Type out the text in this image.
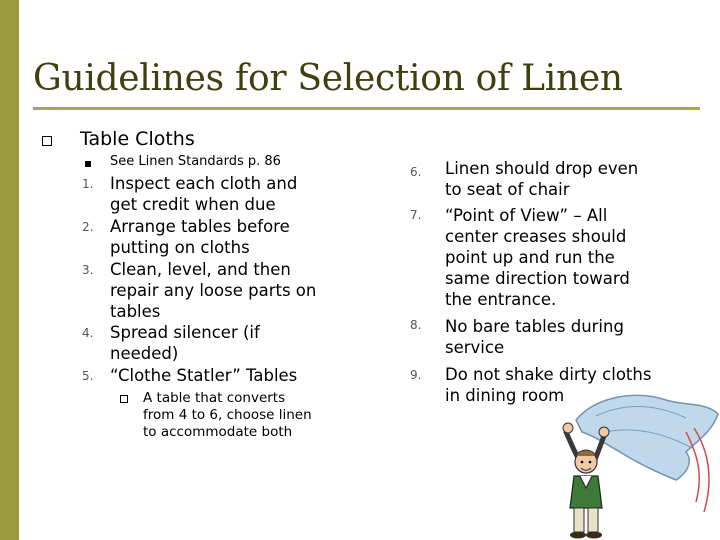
Guidelines for Selection of Linen
Table Cloths
See Linen Standards p. 86
1.	Inspect each cloth and
get credit when due
2.	Arrange tables before
putting on cloths
3.	Clean, level, and then
repair any loose parts on
tables
4.	Spread silencer (if
needed)
5.	“Clothe Statler” Tables
A table that converts
from 4 to 6, choose linen
to accommodate both
6.	Linen should drop even
to seat of chair
7.	“Point of View” – All
center creases should
point up and run the
same direction toward
the entrance.
8.	No bare tables during
service
9.	Do not shake dirty cloths
in dining room
